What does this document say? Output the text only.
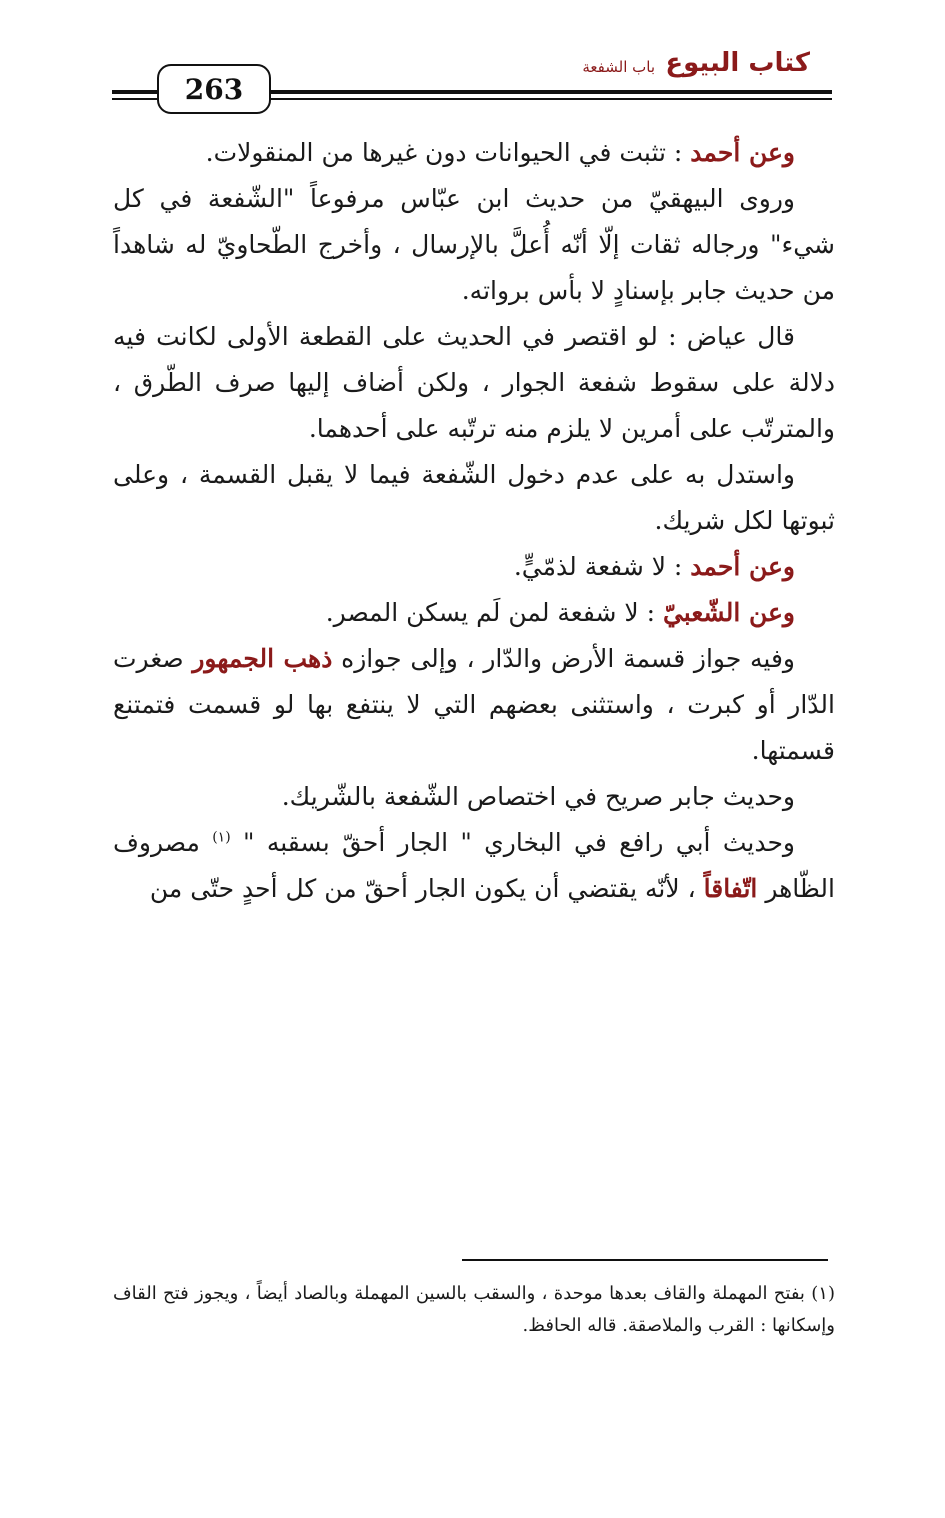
263
كتاب البيوع
باب الشفعة

وعن أحمد : تثبت في الحيوانات دون غيرها من المنقولات.

وروى البيهقيّ من حديث ابن عبّاس مرفوعاً "الشّفعة في كل شيء" ورجاله ثقات إلّا أنّه أُعلَّ بالإرسال ، وأخرج الطّحاويّ له شاهداً من حديث جابر بإسنادٍ لا بأس برواته.

قال عياض : لو اقتصر في الحديث على القطعة الأولى لكانت فيه دلالة على سقوط شفعة الجوار ، ولكن أضاف إليها صرف الطّرق ، والمترتّب على أمرين لا يلزم منه ترتّبه على أحدهما.

واستدل به على عدم دخول الشّفعة فيما لا يقبل القسمة ، وعلى ثبوتها لكل شريك.

وعن أحمد : لا شفعة لذمّيٍّ.

وعن الشّعبيّ : لا شفعة لمن لَم يسكن المصر.

وفيه جواز قسمة الأرض والدّار ، وإلى جوازه ذهب الجمهور صغرت الدّار أو كبرت ، واستثنى بعضهم التي لا ينتفع بها لو قسمت فتمتنع قسمتها.

وحديث جابر صريح في اختصاص الشّفعة بالشّريك.

وحديث أبي رافع في البخاري " الجار أحقّ بسقبه " $^{(١)}$ مصروف الظّاهر اتّفاقاً ، لأنّه يقتضي أن يكون الجار أحقّ من كل أحدٍ حتّى من

(١) بفتح المهملة والقاف بعدها موحدة ، والسقب بالسين المهملة وبالصاد أيضاً ، ويجوز فتح القاف وإسكانها : القرب والملاصقة. قاله الحافظ.
